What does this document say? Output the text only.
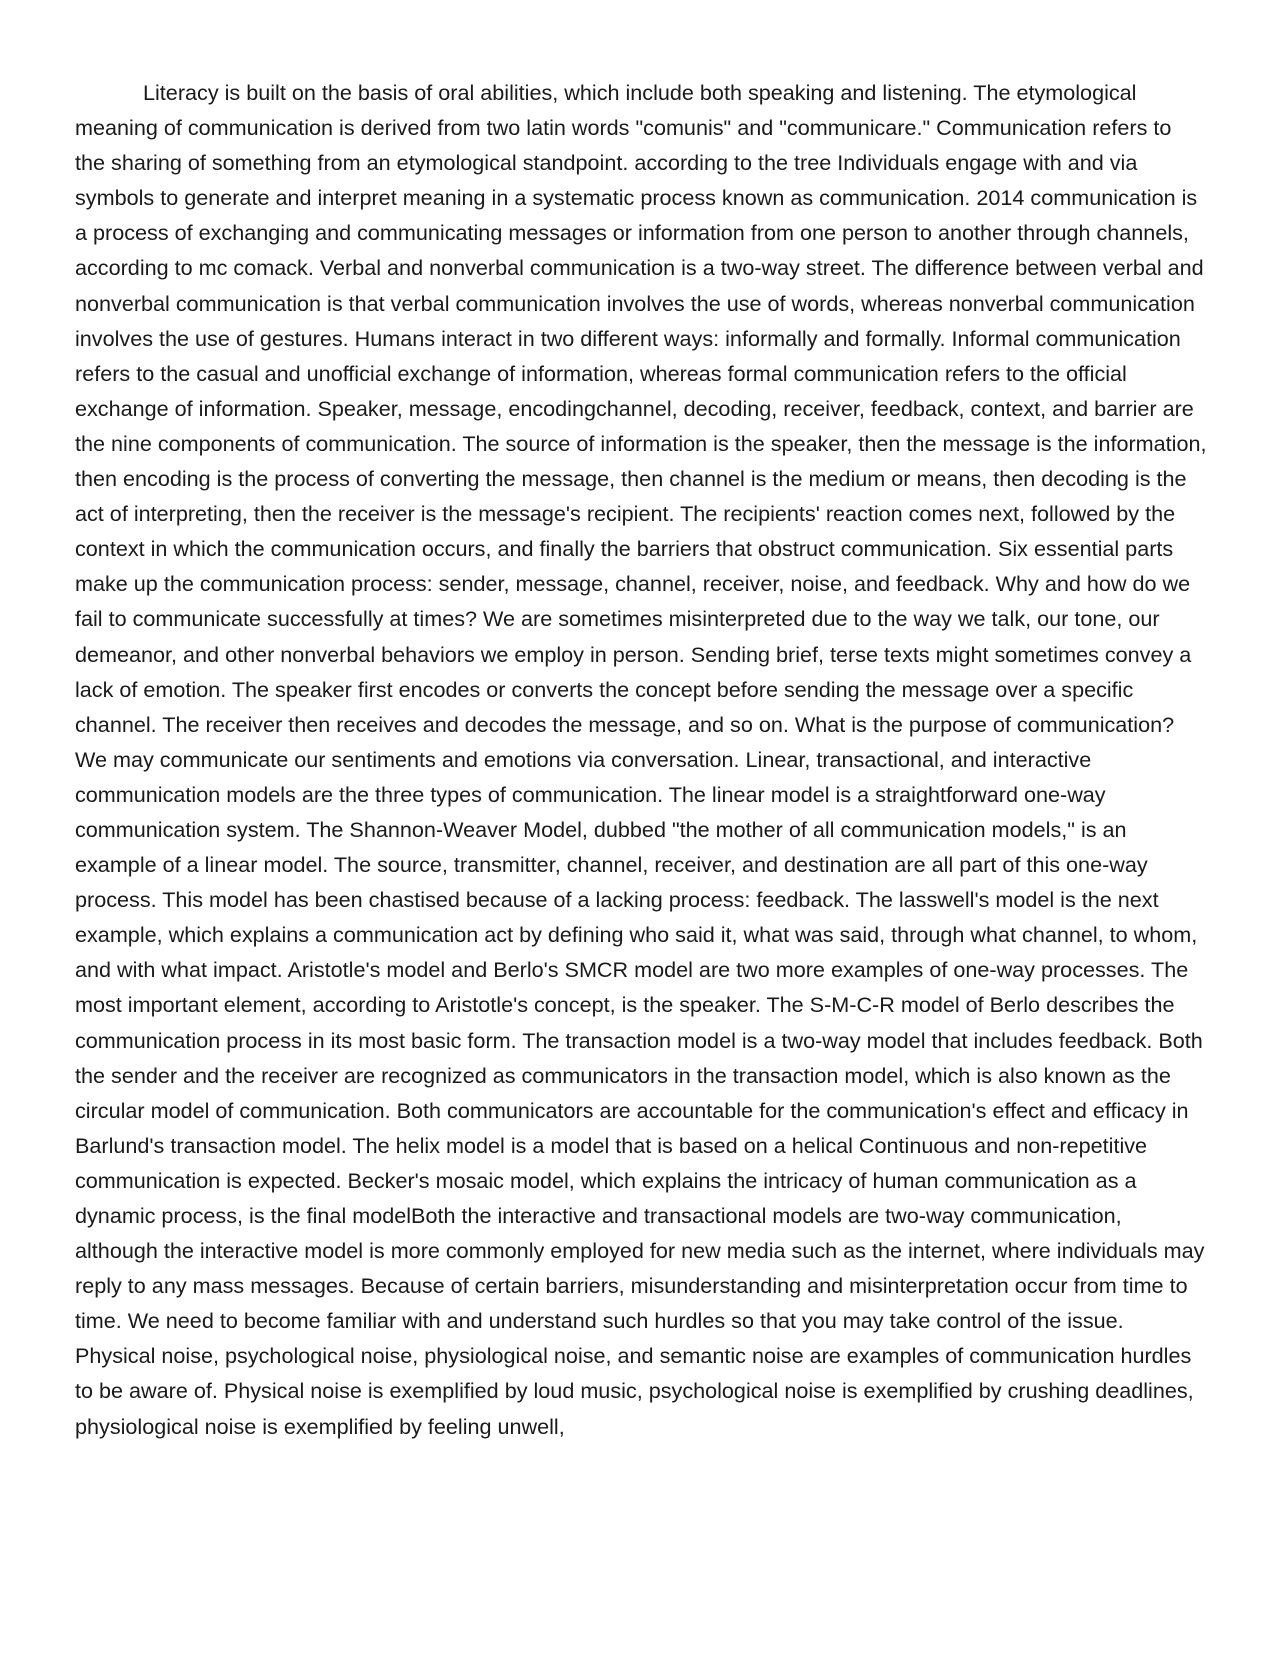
Literacy is built on the basis of oral abilities, which include both speaking and listening. The etymological meaning of communication is derived from two latin words "comunis" and "communicare." Communication refers to the sharing of something from an etymological standpoint. according to the tree Individuals engage with and via symbols to generate and interpret meaning in a systematic process known as communication. 2014 communication is a process of exchanging and communicating messages or information from one person to another through channels, according to mc comack. Verbal and nonverbal communication is a two-way street. The difference between verbal and nonverbal communication is that verbal communication involves the use of words, whereas nonverbal communication involves the use of gestures. Humans interact in two different ways: informally and formally. Informal communication refers to the casual and unofficial exchange of information, whereas formal communication refers to the official exchange of information. Speaker, message, encodingchannel, decoding, receiver, feedback, context, and barrier are the nine components of communication. The source of information is the speaker, then the message is the information, then encoding is the process of converting the message, then channel is the medium or means, then decoding is the act of interpreting, then the receiver is the message's recipient. The recipients' reaction comes next, followed by the context in which the communication occurs, and finally the barriers that obstruct communication. Six essential parts make up the communication process: sender, message, channel, receiver, noise, and feedback. Why and how do we fail to communicate successfully at times? We are sometimes misinterpreted due to the way we talk, our tone, our demeanor, and other nonverbal behaviors we employ in person. Sending brief, terse texts might sometimes convey a lack of emotion. The speaker first encodes or converts the concept before sending the message over a specific channel. The receiver then receives and decodes the message, and so on. What is the purpose of communication? We may communicate our sentiments and emotions via conversation. Linear, transactional, and interactive communication models are the three types of communication. The linear model is a straightforward one-way communication system. The Shannon-Weaver Model, dubbed "the mother of all communication models," is an example of a linear model. The source, transmitter, channel, receiver, and destination are all part of this one-way process. This model has been chastised because of a lacking process: feedback. The lasswell's model is the next example, which explains a communication act by defining who said it, what was said, through what channel, to whom, and with what impact. Aristotle's model and Berlo's SMCR model are two more examples of one-way processes. The most important element, according to Aristotle's concept, is the speaker. The S-M-C-R model of Berlo describes the communication process in its most basic form. The transaction model is a two-way model that includes feedback. Both the sender and the receiver are recognized as communicators in the transaction model, which is also known as the circular model of communication. Both communicators are accountable for the communication's effect and efficacy in Barlund's transaction model. The helix model is a model that is based on a helical Continuous and non-repetitive communication is expected. Becker's mosaic model, which explains the intricacy of human communication as a dynamic process, is the final modelBoth the interactive and transactional models are two-way communication, although the interactive model is more commonly employed for new media such as the internet, where individuals may reply to any mass messages. Because of certain barriers, misunderstanding and misinterpretation occur from time to time. We need to become familiar with and understand such hurdles so that you may take control of the issue. Physical noise, psychological noise, physiological noise, and semantic noise are examples of communication hurdles to be aware of. Physical noise is exemplified by loud music, psychological noise is exemplified by crushing deadlines, physiological noise is exemplified by feeling unwell,
